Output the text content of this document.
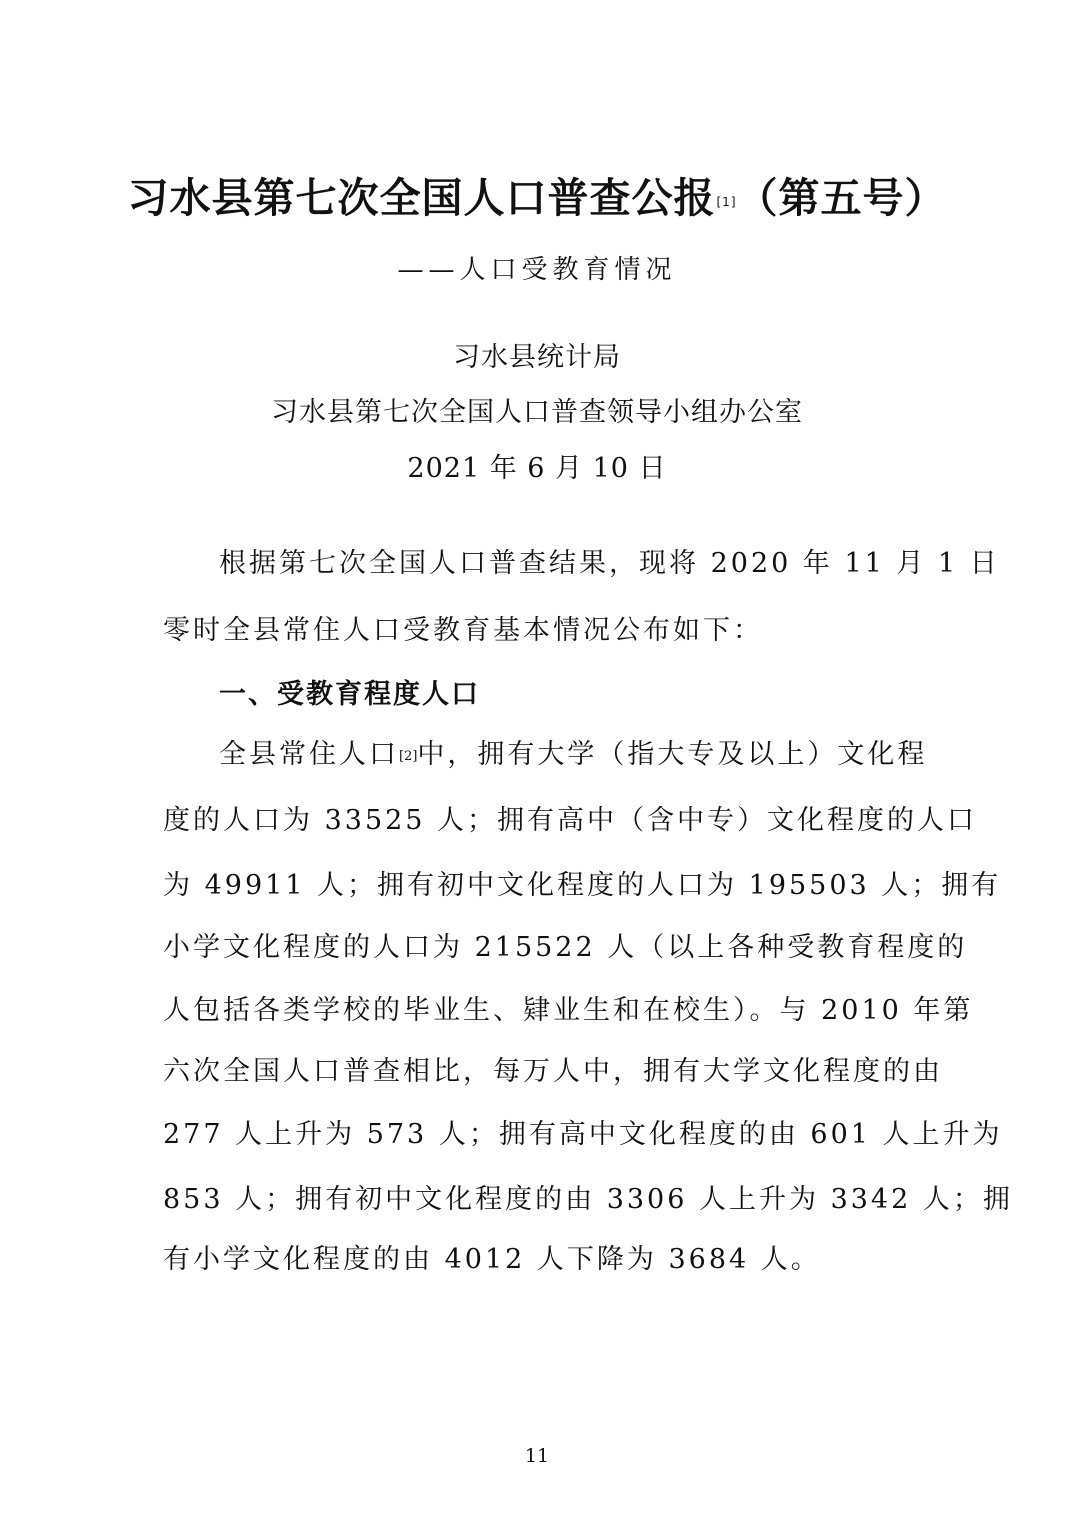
习水县第七次全国人口普查公报[1]（第五号）
——人口受教育情况
习水县统计局
习水县第七次全国人口普查领导小组办公室
2021 年 6 月 10 日
根据第七次全国人口普查结果，现将 2020 年 11 月 1 日
零时全县常住人口受教育基本情况公布如下：
一、受教育程度人口
全县常住人口[2]中，拥有大学（指大专及以上）文化程
度的人口为 33525 人；拥有高中（含中专）文化程度的人口
为 49911 人；拥有初中文化程度的人口为 195503 人；拥有
小学文化程度的人口为 215522 人（以上各种受教育程度的
人包括各类学校的毕业生、肄业生和在校生）。与 2010 年第
六次全国人口普查相比，每万人中，拥有大学文化程度的由
277 人上升为 573 人；拥有高中文化程度的由 601 人上升为
853 人；拥有初中文化程度的由 3306 人上升为 3342 人；拥
有小学文化程度的由 4012 人下降为 3684 人。
11
